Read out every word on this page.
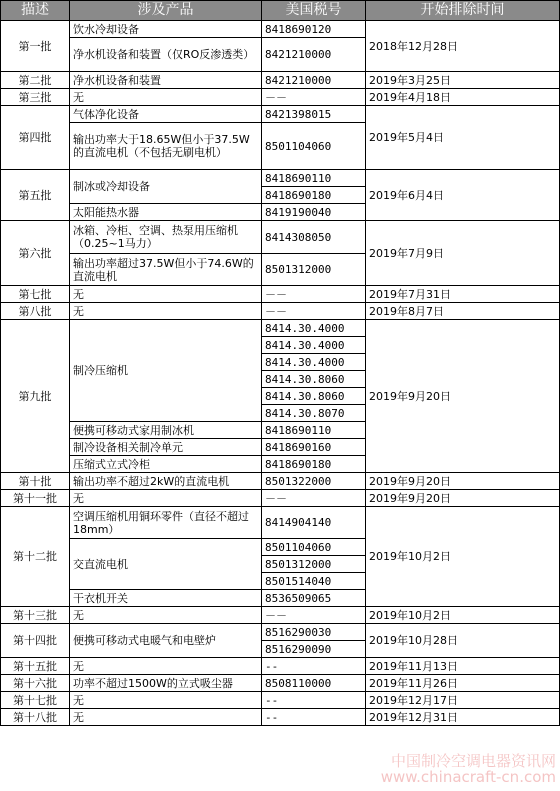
描述	涉及产品	美国税号	开始排除时间
第一批	饮水冷却设备	8418690120	2018年12月28日
	净水机设备和装置（仅RO反渗透类）	8421210000	
第二批	净水机设备和装置	8421210000	2019年3月25日
第三批	无	－－	2019年4月18日
第四批	气体净化设备	8421398015	2019年5月4日
	输出功率大于18.65W但小于37.5W的直流电机（不包括无刷电机）	8501104060	
第五批	制冰或冷却设备	8418690110	2019年6月4日
		8418690180	
	太阳能热水器	8419190040	
第六批	冰箱、冷柜、空调、热泵用压缩机（0.25~1马力）	8414308050	2019年7月9日
	输出功率超过37.5W但小于74.6W的直流电机	8501312000	
第七批	无	－－	2019年7月31日
第八批	无	－－	2019年8月7日
第九批	制冷压缩机	8414.30.4000	2019年9月20日
		8414.30.4000	
		8414.30.4000	
		8414.30.8060	
		8414.30.8060	
		8414.30.8070	
	便携可移动式家用制冰机	8418690110	
	制冷设备相关制冷单元	8418690160	
	压缩式立式冷柜	8418690180	
第十批	输出功率不超过2kW的直流电机	8501322000	2019年9月20日
第十一批	无	－－	2019年9月20日
第十二批	空调压缩机用铜环零件（直径不超过18mm）	8414904140	2019年10月2日
	交直流电机	8501104060	
		8501312000	
		8501514040	
	干衣机开关	8536509065	
第十三批	无	－－	2019年10月2日
第十四批	便携可移动式电暖气和电壁炉	8516290030	2019年10月28日
		8516290090	
第十五批	无	--	2019年11月13日
第十六批	功率不超过1500W的立式吸尘器	8508110000	2019年11月26日
第十七批	无	--	2019年12月17日
第十八批	无	--	2019年12月31日
中国制冷空调电器资讯网
www.chinacraft-cn.com
